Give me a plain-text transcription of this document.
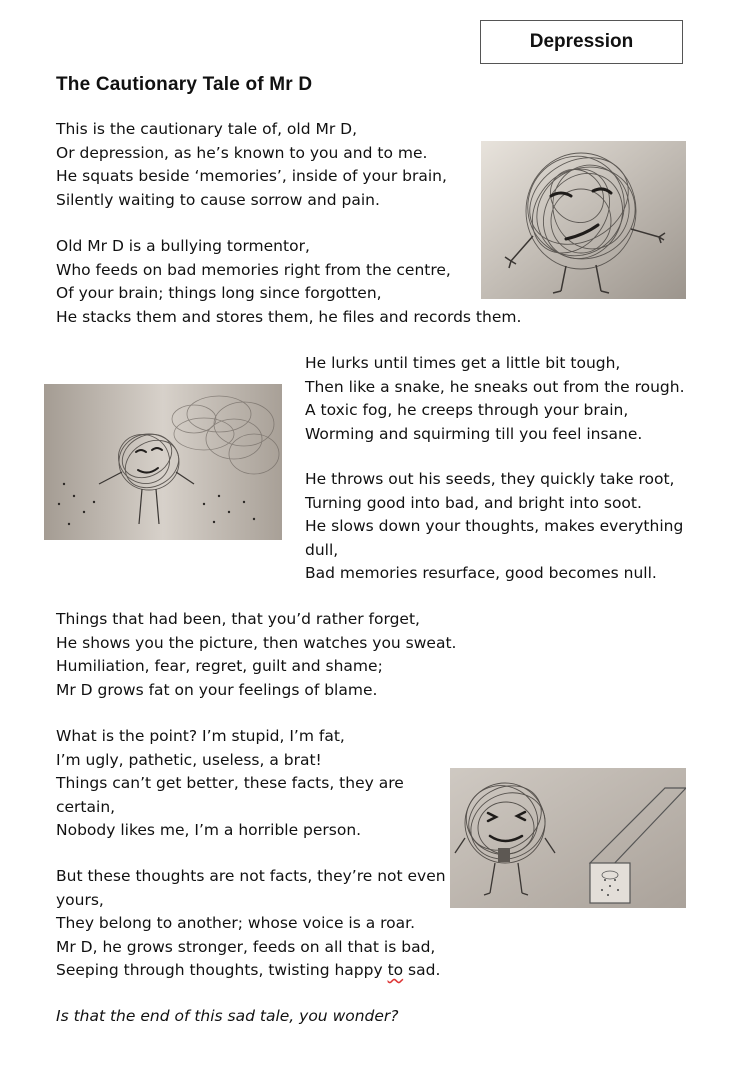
Depression
The Cautionary Tale of Mr D

This is the cautionary tale of, old Mr D,
Or depression, as he’s known to you and to me.
He squats beside ‘memories’, inside of your brain,
Silently waiting to cause sorrow and pain.

Old Mr D is a bullying tormentor,
Who feeds on bad memories right from the centre,
Of your brain; things long since forgotten,
He stacks them and stores them, he files and records them.

He lurks until times get a little bit tough,
Then like a snake, he sneaks out from the rough.
A toxic fog, he creeps through your brain,
Worming and squirming till you feel insane.

He throws out his seeds, they quickly take root,
Turning good into bad, and bright into soot.
He slows down your thoughts, makes everything
dull,
Bad memories resurface, good becomes null.

Things that had been, that you’d rather forget,
He shows you the picture, then watches you sweat.
Humiliation, fear, regret, guilt and shame;
Mr D grows fat on your feelings of blame.

What is the point? I’m stupid, I’m fat,
I’m ugly, pathetic, useless, a brat!
Things can’t get better, these facts, they are
certain,
Nobody likes me, I’m a horrible person.

But these thoughts are not facts, they’re not even
yours,
They belong to another; whose voice is a roar.
Mr D, he grows stronger, feeds on all that is bad,
Seeping through thoughts, twisting happy to sad.

Is that the end of this sad tale, you wonder?
